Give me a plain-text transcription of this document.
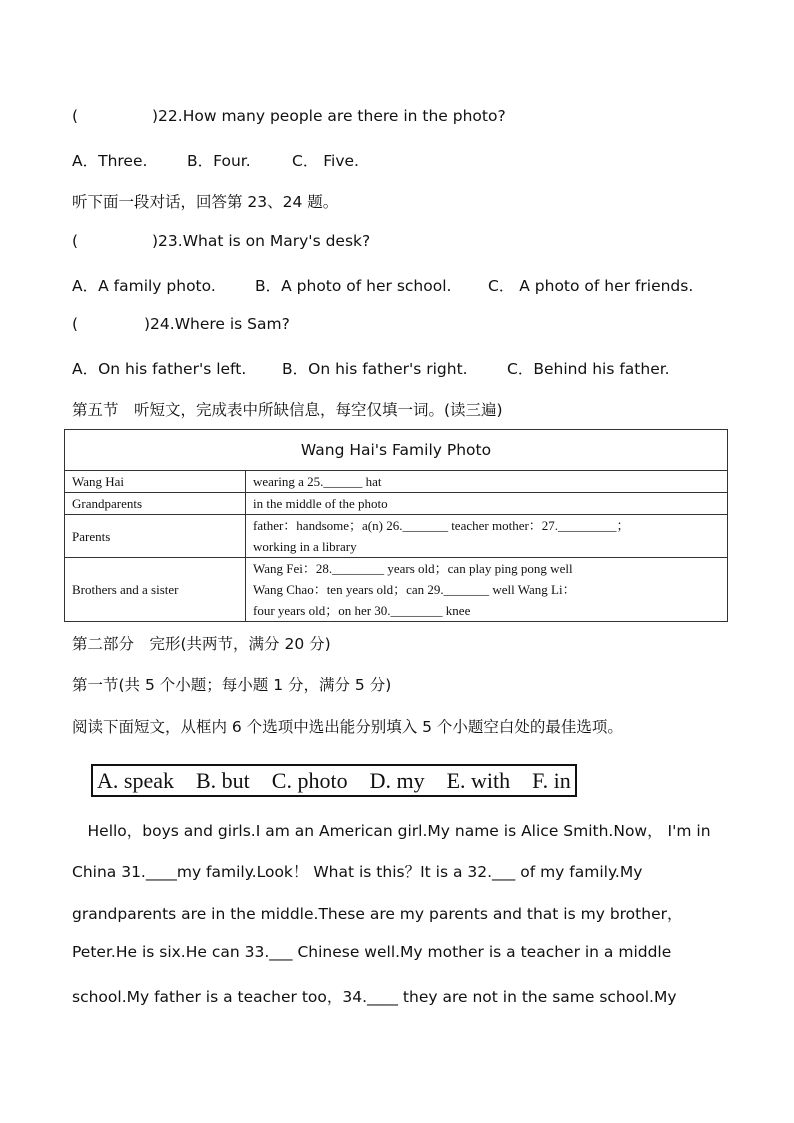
(	)22.How many people are there in the photo?
A．Three.	B．Four.	C． Five.
听下面一段对话，回答第 23、24 题。
(	)23.What is on Mary's desk?
A．A family photo.	B．A photo of her school. C． A photo of her friends.
(	)24.Where is Sam?
A．On his father's left. B．On his father's right.	C．Behind his father.
第五节　听短文，完成表中所缺信息，每空仅填一词。(读三遍)
Wang Hai's Family Photo	
Wang Hai	wearing a 25.______ hat
Grandparents	in the middle of the photo
Parents	father：handsome；a(n) 26._______ teacher mother：27._________；
working in a library

Brothers and a sister	Wang Fei：28.________ years old；can play ping pong well
Wang Chao：ten years old；can 29._______ well Wang Li：
four years old；on her 30.________ knee
第二部分　完形(共两节，满分 20 分)
第一节(共 5 个小题；每小题 1 分，满分 5 分)
阅读下面短文，从框内 6 个选项中选出能分别填入 5 个小题空白处的最佳选项。
A. speak B. but C. photo D. my E. with F. in
　Hello，boys and girls.I am an American girl.My name is Alice Smith.Now， I'm in
China 31.____my family.Look！ What is this？It is a 32.___ of my family.My
grandparents are in the middle.These are my parents and that is my brother，
Peter.He is six.He can 33.___ Chinese well.My mother is a teacher in a middle
school.My father is a teacher too，34.____ they are not in the same school.My
